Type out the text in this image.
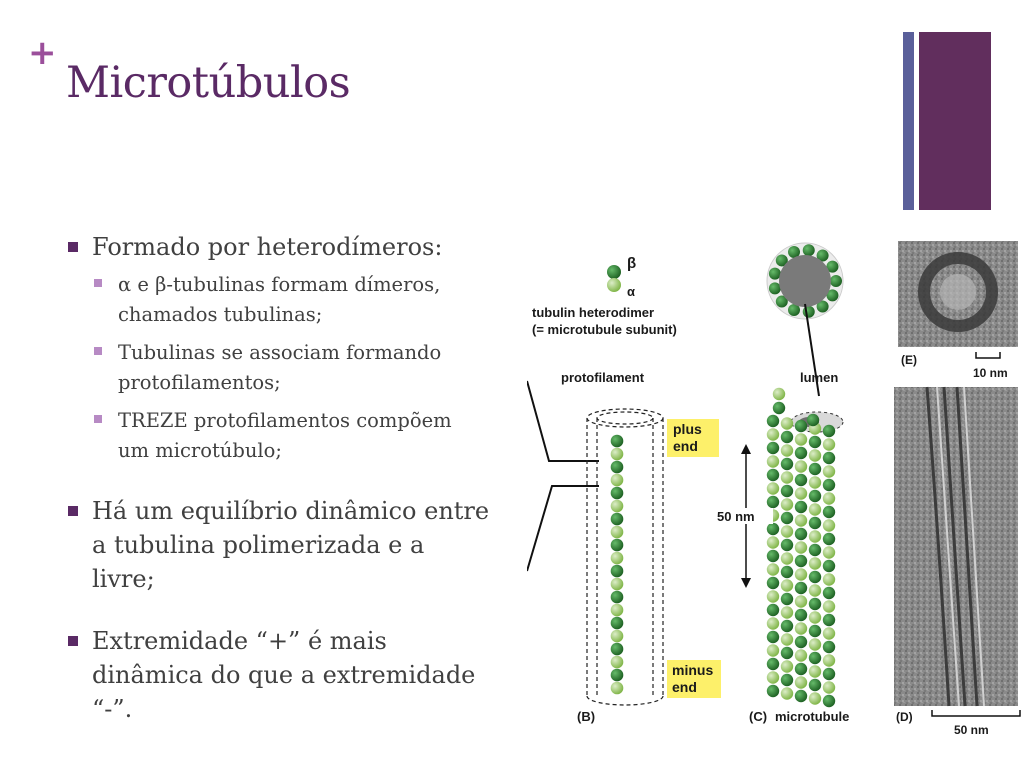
+
Microtúbulos
Formado por heterodímeros:
α e β-tubulinas formam dímeros,
chamados tubulinas;
Tubulinas se associam formando
protofilamentos;
TREZE protofilamentos compõem
um microtúbulo;
Há um equilíbrio dinâmico entre
a tubulina polimerizada e a
livre;
Extremidade “+” é mais
dinâmica do que a extremidade
“-”.
β
α
tubulin heterodimer
(= microtubule subunit)
protofilament
plus
end
minus
end
(B)
lumen
50 nm
(C) microtubule
(E)
10 nm
(D)
50 nm
